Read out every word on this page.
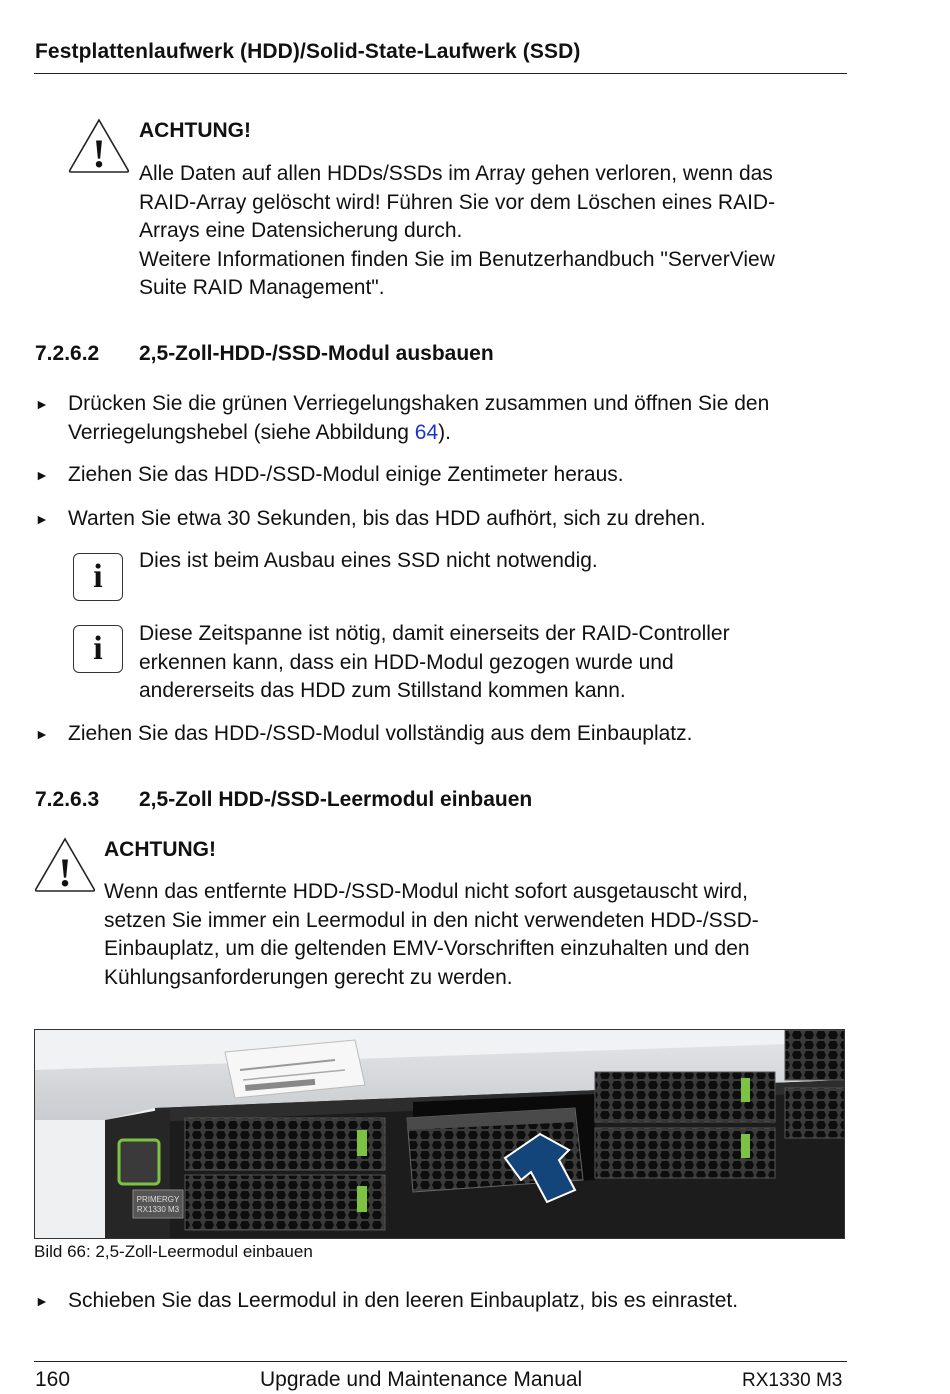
Festplattenlaufwerk (HDD)/Solid-State-Laufwerk (SSD)
!
ACHTUNG!
Alle Daten auf allen HDDs/SSDs im Array gehen verloren, wenn das
RAID-Array gelöscht wird! Führen Sie vor dem Löschen eines RAID-
Arrays eine Datensicherung durch.
Weitere Informationen finden Sie im Benutzerhandbuch "ServerView
Suite RAID Management".
7.2.6.2 2,5-Zoll-HDD-/SSD-Modul ausbauen
► Drücken Sie die grünen Verriegelungshaken zusammen und öffnen Sie den
Verriegelungshebel (siehe Abbildung 64).
► Ziehen Sie das HDD-/SSD-Modul einige Zentimeter heraus.
► Warten Sie etwa 30 Sekunden, bis das HDD aufhört, sich zu drehen.
i	Dies ist beim Ausbau eines SSD nicht notwendig.
i	Diese Zeitspanne ist nötig, damit einerseits der RAID-Controller
erkennen kann, dass ein HDD-Modul gezogen wurde und
andererseits das HDD zum Stillstand kommen kann.
► Ziehen Sie das HDD-/SSD-Modul vollständig aus dem Einbauplatz.
7.2.6.3 2,5-Zoll HDD-/SSD-Leermodul einbauen
!
ACHTUNG!
Wenn das entfernte HDD-/SSD-Modul nicht sofort ausgetauscht wird,
setzen Sie immer ein Leermodul in den nicht verwendeten HDD-/SSD-
Einbauplatz, um die geltenden EMV-Vorschriften einzuhalten und den
Kühlungsanforderungen gerecht zu werden.
PRIMERGY
RX1330 M3
Bild 66: 2,5-Zoll-Leermodul einbauen
► Schieben Sie das Leermodul in den leeren Einbauplatz, bis es einrastet.
160	Upgrade und Maintenance Manual	RX1330 M3
